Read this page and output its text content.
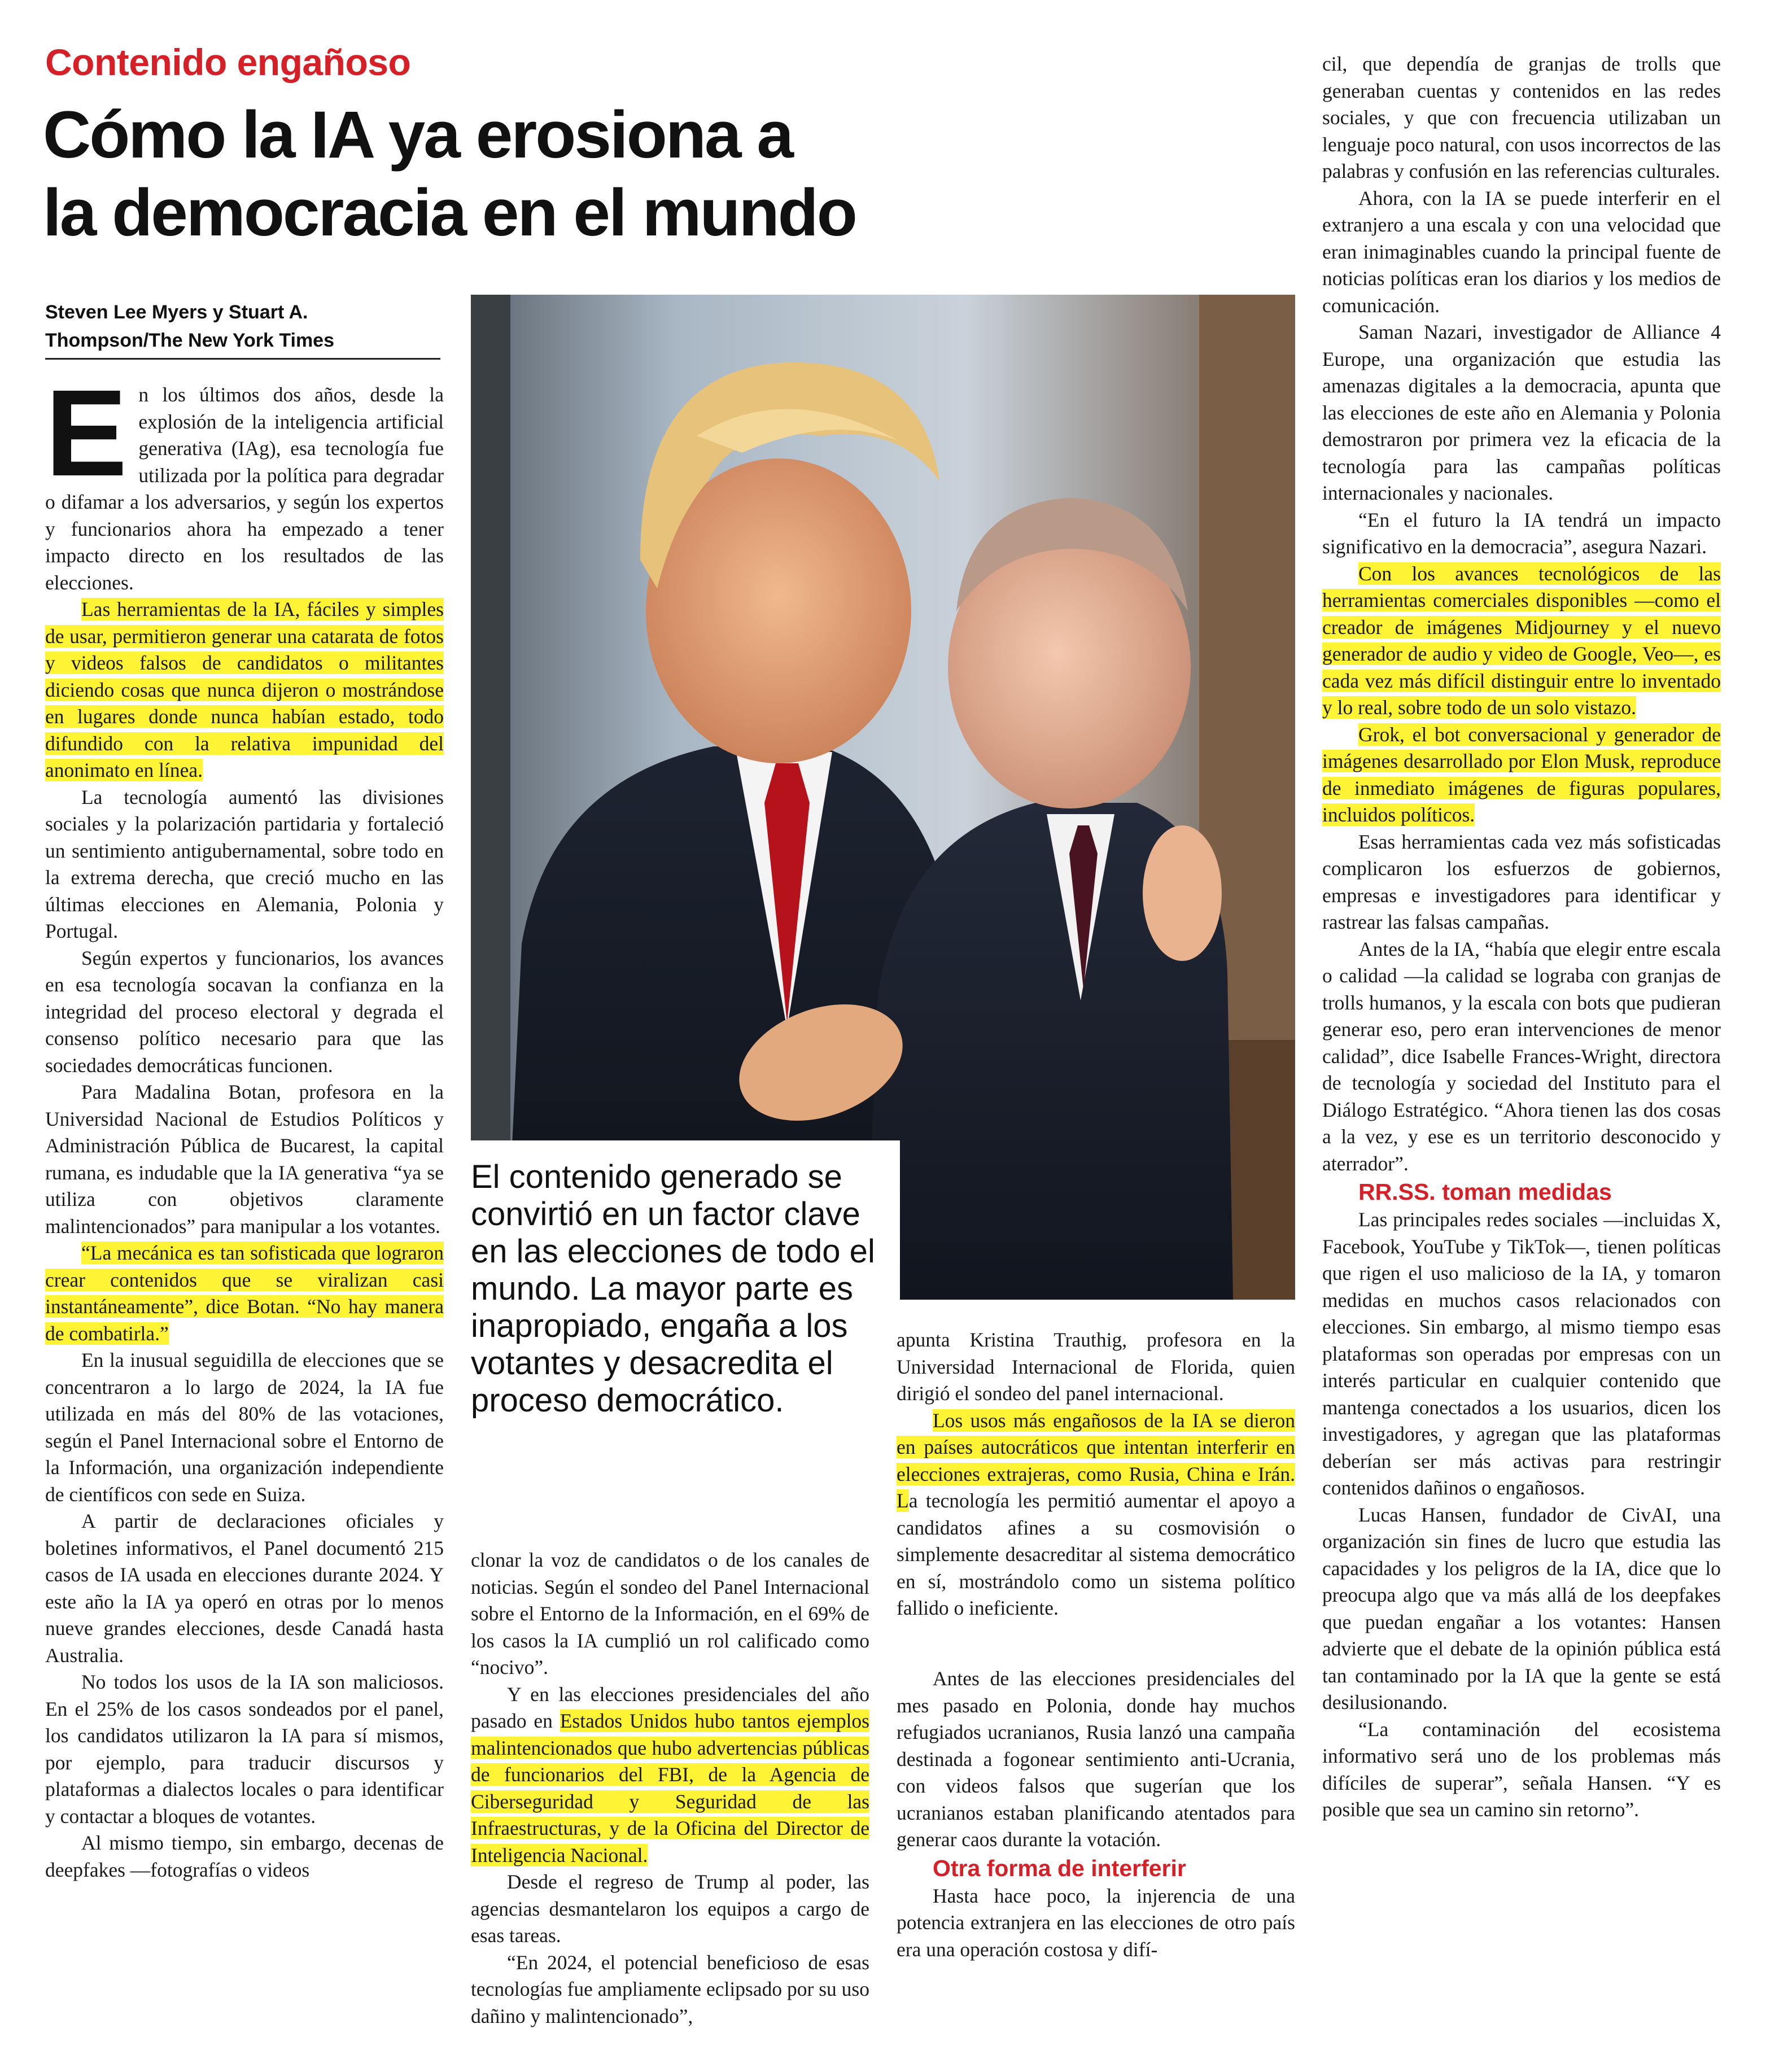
Contenido engañoso
Cómo la IA ya erosiona a
la democracia en el mundo
Steven Lee Myers y Stuart A.
Thompson/The New York Times

En los últimos dos años, desde la explosión de la inteligencia artificial generativa (IAg), esa tecnología fue utilizada por la política para degradar o difamar a los adversarios, y según los expertos y funcionarios ahora ha empezado a tener impacto directo en los resultados de las elecciones.

Las herramientas de la IA, fáciles y simples de usar, permitieron generar una catarata de fotos y videos falsos de candidatos o militantes diciendo cosas que nunca dijeron o mostrándose en lugares donde nunca habían estado, todo difundido con la relativa impunidad del anonimato en línea.

La tecnología aumentó las divisiones sociales y la polarización partidaria y fortaleció un sentimiento antigubernamental, sobre todo en la extrema derecha, que creció mucho en las últimas elecciones en Alemania, Polonia y Portugal.

Según expertos y funcionarios, los avances en esa tecnología socavan la confianza en la integridad del proceso electoral y degrada el consenso político necesario para que las sociedades democráticas funcionen.

Para Madalina Botan, profesora en la Universidad Nacional de Estudios Políticos y Administración Pública de Bucarest, la capital rumana, es indudable que la IA generativa “ya se utiliza con objetivos claramente malintencionados” para manipular a los votantes.

“La mecánica es tan sofisticada que lograron crear contenidos que se viralizan casi instantáneamente”, dice Botan. “No hay manera de combatirla.”

En la inusual seguidilla de elecciones que se concentraron a lo largo de 2024, la IA fue utilizada en más del 80% de las votaciones, según el Panel Internacional sobre el Entorno de la Información, una organización independiente de científicos con sede en Suiza.

A partir de declaraciones oficiales y boletines informativos, el Panel documentó 215 casos de IA usada en elecciones durante 2024. Y este año la IA ya operó en otras por lo menos nueve grandes elecciones, desde Canadá hasta Australia.

No todos los usos de la IA son maliciosos. En el 25% de los casos sondeados por el panel, los candidatos utilizaron la IA para sí mismos, por ejemplo, para traducir discursos y plataformas a dialectos locales o para identificar y contactar a bloques de votantes.

Al mismo tiempo, sin embargo, decenas de deepfakes —fotografías o videos

El contenido generado se convirtió en un factor clave en las elecciones de todo el mundo. La mayor parte es inapropiado, engaña a los votantes y desacredita el proceso democrático.

clonar la voz de candidatos o de los canales de noticias. Según el sondeo del Panel Internacional sobre el Entorno de la Información, en el 69% de los casos la IA cumplió un rol calificado como “nocivo”.

Y en las elecciones presidenciales del año pasado en Estados Unidos hubo tantos ejemplos malintencionados que hubo advertencias públicas de funcionarios del FBI, de la Agencia de Ciberseguridad y Seguridad de las Infraestructuras, y de la Oficina del Director de Inteligencia Nacional.

Desde el regreso de Trump al poder, las agencias desmantelaron los equipos a cargo de esas tareas.

“En 2024, el potencial beneficioso de esas tecnologías fue ampliamente eclipsado por su uso dañino y malintencionado”,

apunta Kristina Trauthig, profesora en la Universidad Internacional de Florida, quien dirigió el sondeo del panel internacional.

Los usos más engañosos de la IA se dieron en países autocráticos que intentan interferir en elecciones extrajeras, como Rusia, China e Irán. La tecnología les permitió aumentar el apoyo a candidatos afines a su cosmovisión o simplemente desacreditar al sistema democrático en sí, mostrándolo como un sistema político fallido o ineficiente.

Antes de las elecciones presidenciales del mes pasado en Polonia, donde hay muchos refugiados ucranianos, Rusia lanzó una campaña destinada a fogonear sentimiento anti-Ucrania, con videos falsos que sugerían que los ucranianos estaban planificando atentados para generar caos durante la votación.

Otra forma de interferir

Hasta hace poco, la injerencia de una potencia extranjera en las elecciones de otro país era una operación costosa y difí-

cil, que dependía de granjas de trolls que generaban cuentas y contenidos en las redes sociales, y que con frecuencia utilizaban un lenguaje poco natural, con usos incorrectos de las palabras y confusión en las referencias culturales.

Ahora, con la IA se puede interferir en el extranjero a una escala y con una velocidad que eran inimaginables cuando la principal fuente de noticias políticas eran los diarios y los medios de comunicación.

Saman Nazari, investigador de Alliance 4 Europe, una organización que estudia las amenazas digitales a la democracia, apunta que las elecciones de este año en Alemania y Polonia demostraron por primera vez la eficacia de la tecnología para las campañas políticas internacionales y nacionales.

“En el futuro la IA tendrá un impacto significativo en la democracia”, asegura Nazari.

Con los avances tecnológicos de las herramientas comerciales disponibles —como el creador de imágenes Midjourney y el nuevo generador de audio y video de Google, Veo—, es cada vez más difícil distinguir entre lo inventado y lo real, sobre todo de un solo vistazo.

Grok, el bot conversacional y generador de imágenes desarrollado por Elon Musk, reproduce de inmediato imágenes de figuras populares, incluidos políticos.

Esas herramientas cada vez más sofisticadas complicaron los esfuerzos de gobiernos, empresas e investigadores para identificar y rastrear las falsas campañas.

Antes de la IA, “había que elegir entre escala o calidad —la calidad se lograba con granjas de trolls humanos, y la escala con bots que pudieran generar eso, pero eran intervenciones de menor calidad”, dice Isabelle Frances-Wright, directora de tecnología y sociedad del Instituto para el Diálogo Estratégico. “Ahora tienen las dos cosas a la vez, y ese es un territorio desconocido y aterrador”.

RR.SS. toman medidas

Las principales redes sociales —incluidas X, Facebook, YouTube y TikTok—, tienen políticas que rigen el uso malicioso de la IA, y tomaron medidas en muchos casos relacionados con elecciones. Sin embargo, al mismo tiempo esas plataformas son operadas por empresas con un interés particular en cualquier contenido que mantenga conectados a los usuarios, dicen los investigadores, y agregan que las plataformas deberían ser más activas para restringir contenidos dañinos o engañosos.

Lucas Hansen, fundador de CivAI, una organización sin fines de lucro que estudia las capacidades y los peligros de la IA, dice que lo preocupa algo que va más allá de los deepfakes que puedan engañar a los votantes: Hansen advierte que el debate de la opinión pública está tan contaminado por la IA que la gente se está desilusionando.

“La contaminación del ecosistema informativo será uno de los problemas más difíciles de superar”, señala Hansen. “Y es posible que sea un camino sin retorno”.
